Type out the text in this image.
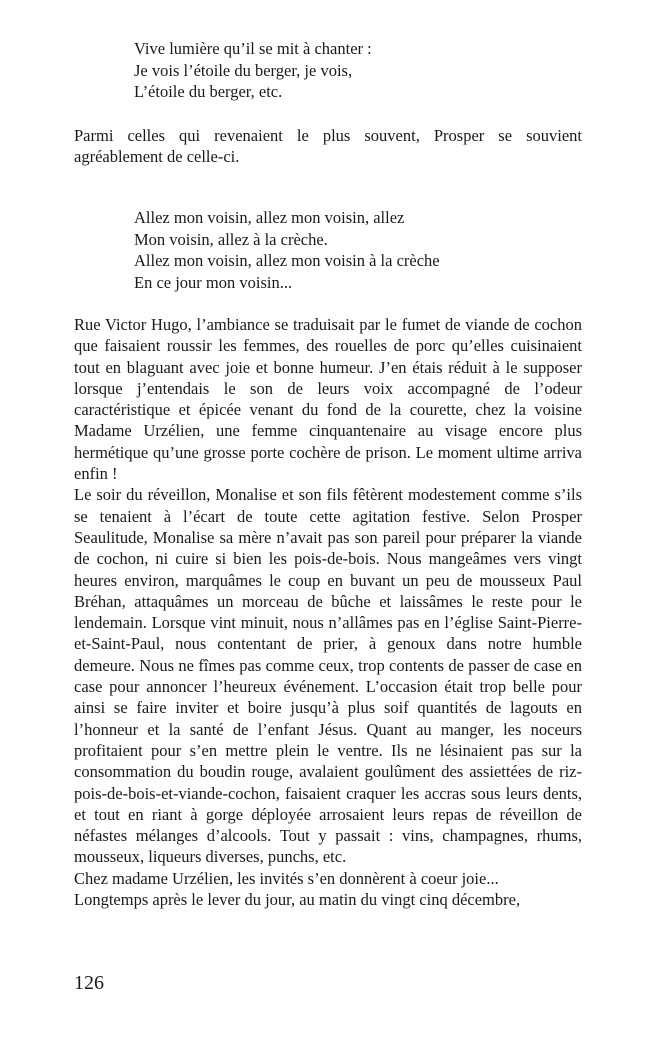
Vive lumière qu’il se mit à chanter :
Je vois l’étoile du berger, je vois,
L’étoile du berger, etc.

Parmi celles qui revenaient le plus souvent, Prosper se souvient agréablement de celle-ci.

Allez mon voisin, allez mon voisin, allez
Mon voisin, allez à la crèche.
Allez mon voisin, allez mon voisin à la crèche
En ce jour mon voisin...

Rue Victor Hugo, l’ambiance se traduisait par le fumet de viande de cochon que faisaient roussir les femmes, des rouelles de porc qu’elles cuisinaient tout en blaguant avec joie et bonne humeur. J’en étais réduit à le supposer lorsque j’entendais le son de leurs voix accompagné de l’odeur caractéristique et épicée venant du fond de la courette, chez la voisine Madame Urzélien, une femme cinquantenaire au visage encore plus hermétique qu’une grosse porte cochère de prison. Le moment ultime arriva enfin !

Le soir du réveillon, Monalise et son fils fêtèrent modestement comme s’ils se tenaient à l’écart de toute cette agitation festive. Selon Prosper Seaulitude, Monalise sa mère n’avait pas son pareil pour préparer la viande de cochon, ni cuire si bien les pois-de-bois. Nous mangeâmes vers vingt heures environ, marquâmes le coup en buvant un peu de mousseux Paul Bréhan, attaquâmes un morceau de bûche et laissâmes le reste pour le lendemain. Lorsque vint minuit, nous n’allâmes pas en l’église Saint-Pierre-et-Saint-Paul, nous contentant de prier, à genoux dans notre humble demeure. Nous ne fîmes pas comme ceux, trop contents de passer de case en case pour annoncer l’heureux événement. L’occasion était trop belle pour ainsi se faire inviter et boire jusqu’à plus soif quantités de lagouts en l’honneur et la santé de l’enfant Jésus. Quant au manger, les noceurs profitaient pour s’en mettre plein le ventre. Ils ne lésinaient pas sur la consommation du boudin rouge, avalaient goulûment des assiettées de riz-pois-de-bois-et-viande-cochon, faisaient craquer les accras sous leurs dents, et tout en riant à gorge déployée arrosaient leurs repas de réveillon de néfastes mélanges d’alcools. Tout y passait : vins, champagnes, rhums, mousseux, liqueurs diverses, punchs, etc.

Chez madame Urzélien, les invités s’en donnèrent à coeur joie...

Longtemps après le lever du jour, au matin du vingt cinq décembre,

126
